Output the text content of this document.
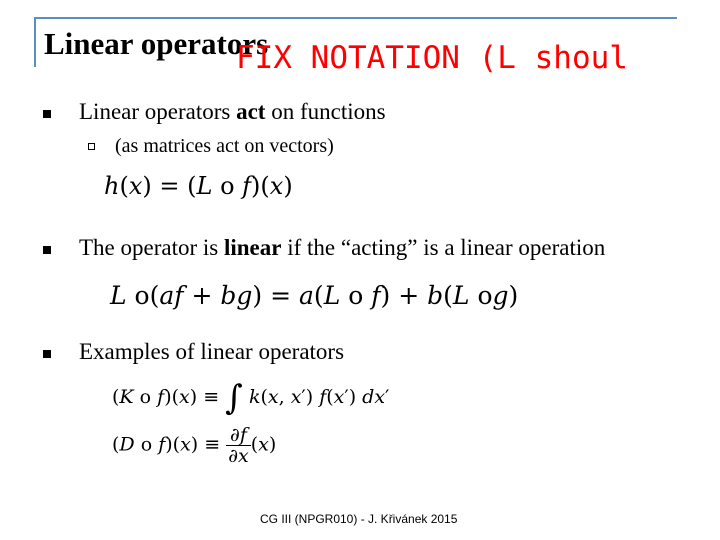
Linear operators
FIX NOTATION (L shoul
Linear operators act on functions
(as matrices act on vectors)
h(x) = (L o f)(x)
The operator is linear if the “acting” is a linear operation
L o(af + bg) = a(L o f) + b(L og)
Examples of linear operators
(K o f)(x) ≡ ∫ k(x, x′) f(x′) dx′
(D o $f)(x) \equiv \frac{\partial f}{\partial x} (x)$
CG III (NPGR010) - J. Křivánek 2015
